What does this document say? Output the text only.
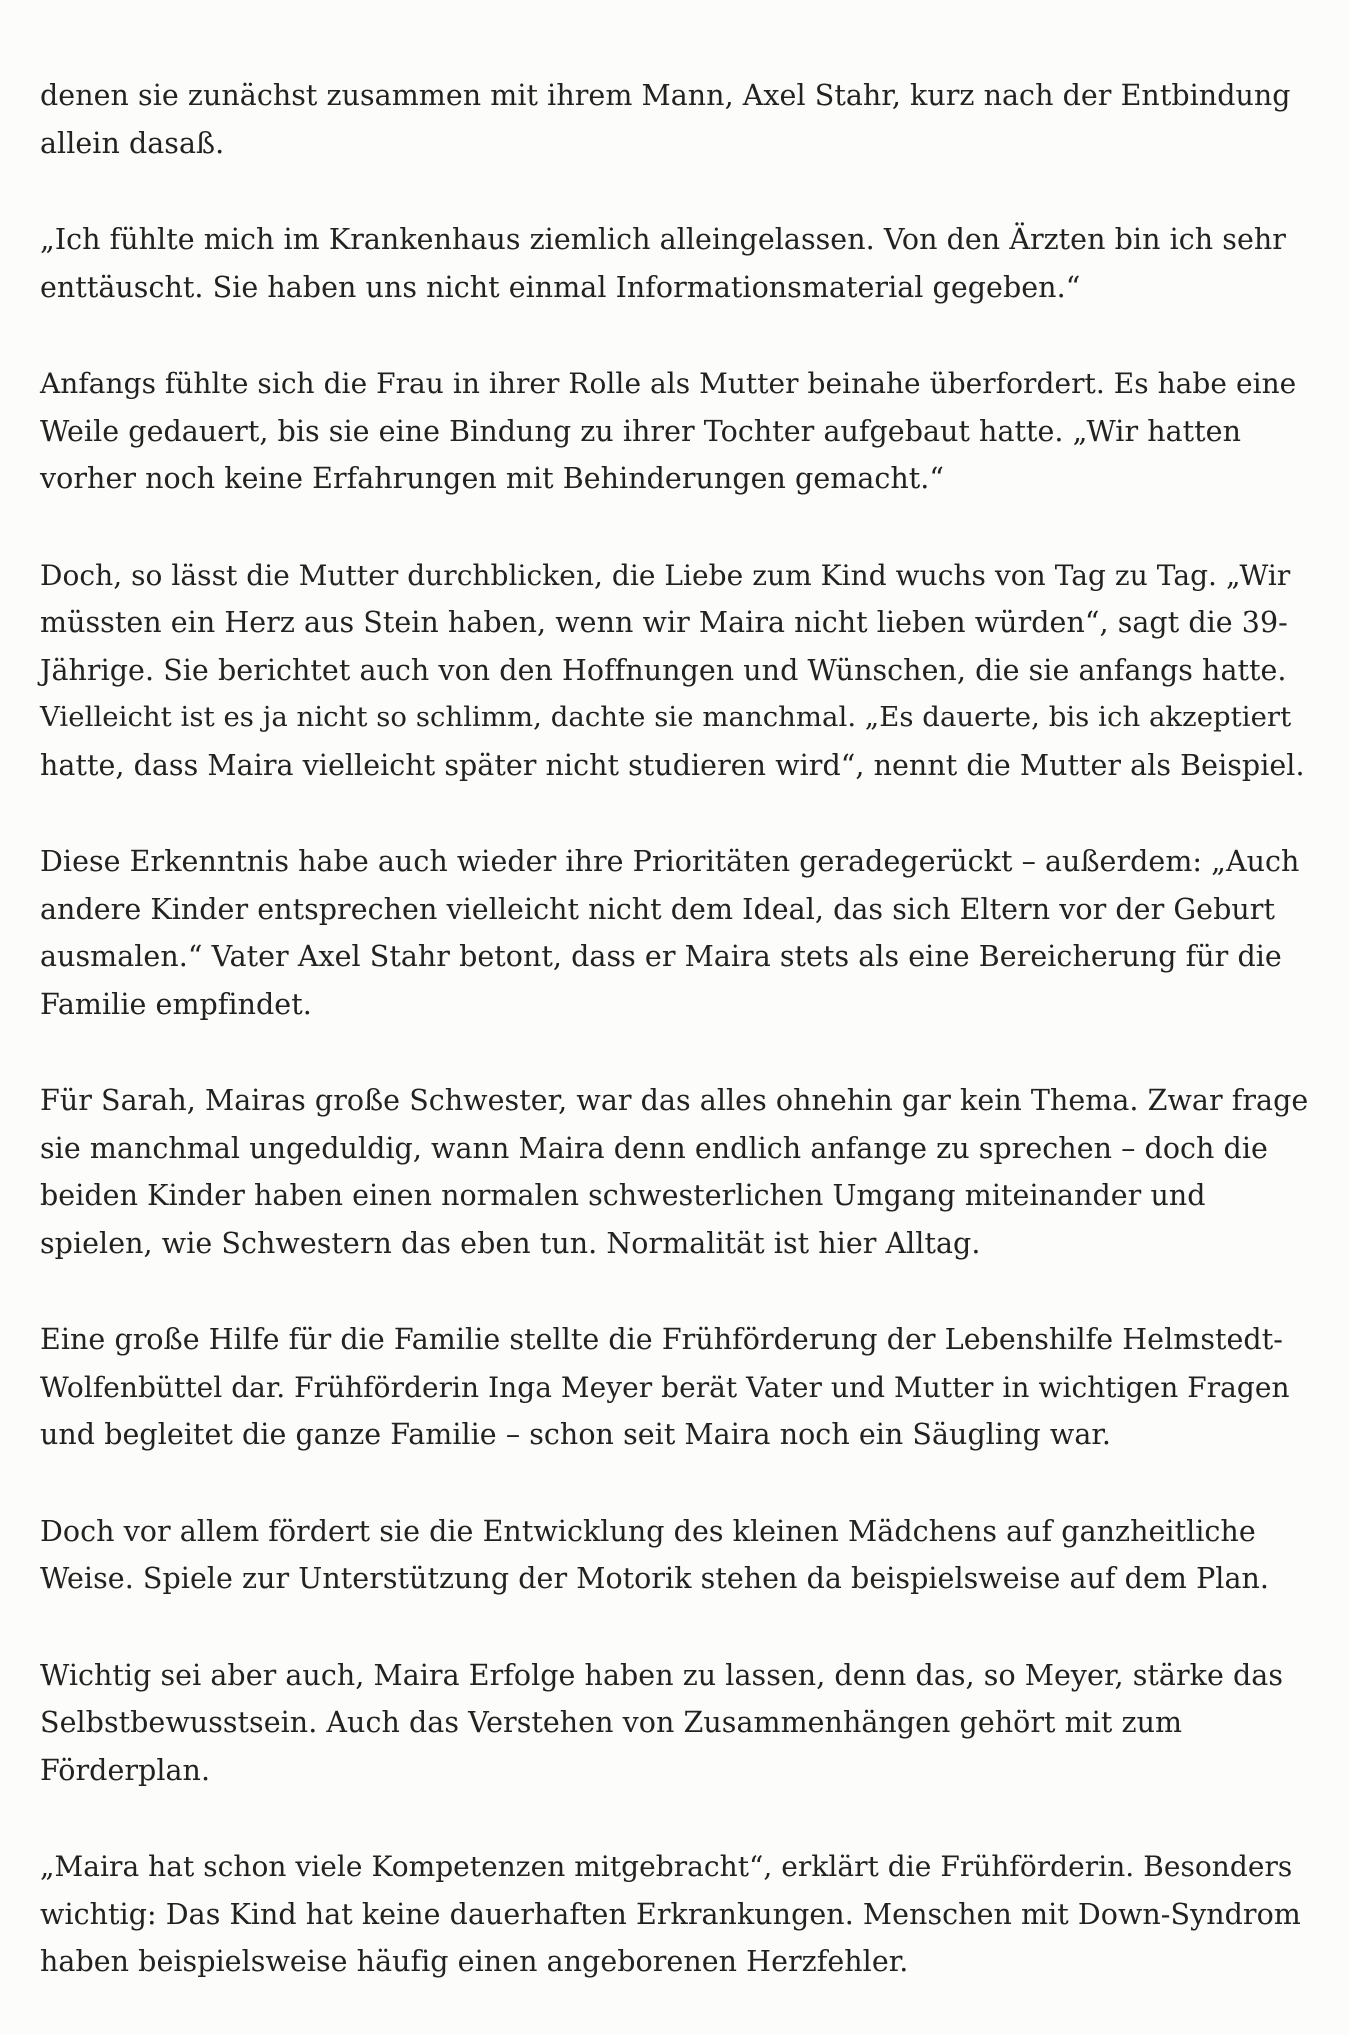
denen sie zunächst zusammen mit ihrem Mann, Axel Stahr, kurz nach der Entbindung
allein dasaß.

„Ich fühlte mich im Krankenhaus ziemlich alleingelassen. Von den Ärzten bin ich sehr
enttäuscht. Sie haben uns nicht einmal Informationsmaterial gegeben.“

Anfangs fühlte sich die Frau in ihrer Rolle als Mutter beinahe überfordert. Es habe eine
Weile gedauert, bis sie eine Bindung zu ihrer Tochter aufgebaut hatte. „Wir hatten
vorher noch keine Erfahrungen mit Behinderungen gemacht.“

Doch, so lässt die Mutter durchblicken, die Liebe zum Kind wuchs von Tag zu Tag. „Wir
müssten ein Herz aus Stein haben, wenn wir Maira nicht lieben würden“, sagt die 39-
Jährige. Sie berichtet auch von den Hoffnungen und Wünschen, die sie anfangs hatte.
Vielleicht ist es ja nicht so schlimm, dachte sie manchmal. „Es dauerte, bis ich akzeptiert
hatte, dass Maira vielleicht später nicht studieren wird“, nennt die Mutter als Beispiel.

Diese Erkenntnis habe auch wieder ihre Prioritäten geradegerückt – außerdem: „Auch
andere Kinder entsprechen vielleicht nicht dem Ideal, das sich Eltern vor der Geburt
ausmalen.“ Vater Axel Stahr betont, dass er Maira stets als eine Bereicherung für die
Familie empfindet.

Für Sarah, Mairas große Schwester, war das alles ohnehin gar kein Thema. Zwar frage
sie manchmal ungeduldig, wann Maira denn endlich anfange zu sprechen – doch die
beiden Kinder haben einen normalen schwesterlichen Umgang miteinander und
spielen, wie Schwestern das eben tun. Normalität ist hier Alltag.

Eine große Hilfe für die Familie stellte die Frühförderung der Lebenshilfe Helmstedt-
Wolfenbüttel dar. Frühförderin Inga Meyer berät Vater und Mutter in wichtigen Fragen
und begleitet die ganze Familie – schon seit Maira noch ein Säugling war.

Doch vor allem fördert sie die Entwicklung des kleinen Mädchens auf ganzheitliche
Weise. Spiele zur Unterstützung der Motorik stehen da beispielsweise auf dem Plan.

Wichtig sei aber auch, Maira Erfolge haben zu lassen, denn das, so Meyer, stärke das
Selbstbewusstsein. Auch das Verstehen von Zusammenhängen gehört mit zum
Förderplan.

„Maira hat schon viele Kompetenzen mitgebracht“, erklärt die Frühförderin. Besonders
wichtig: Das Kind hat keine dauerhaften Erkrankungen. Menschen mit Down-Syndrom
haben beispielsweise häufig einen angeborenen Herzfehler.
